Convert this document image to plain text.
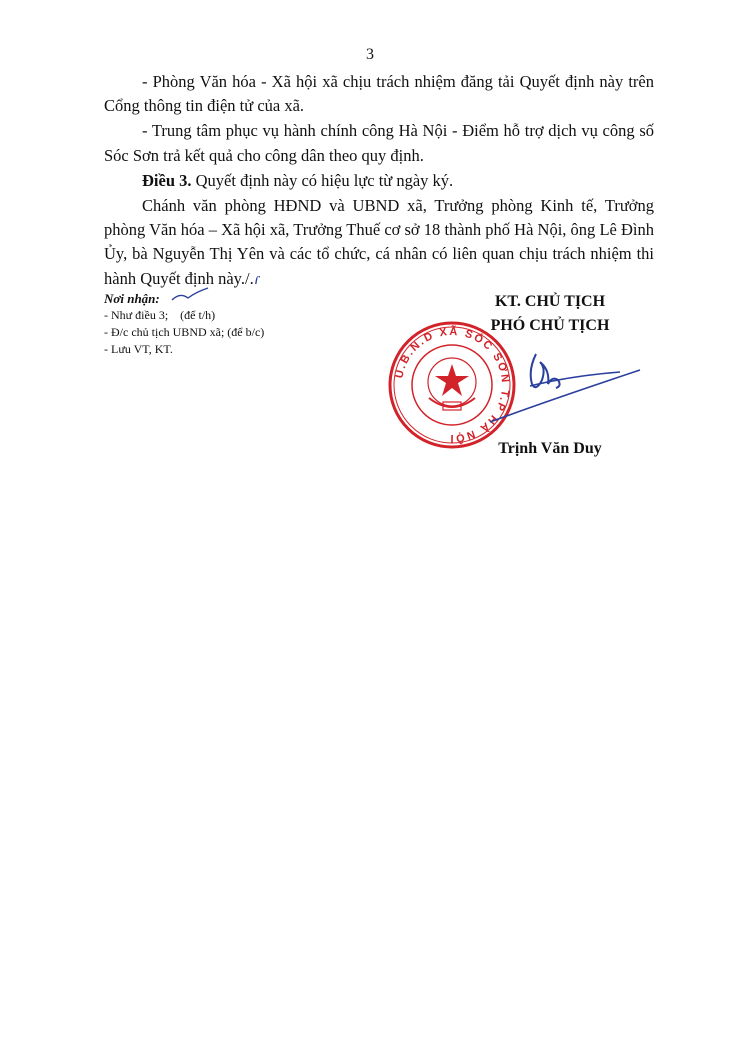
3

- Phòng Văn hóa - Xã hội xã chịu trách nhiệm đăng tải Quyết định này trên Cổng thông tin điện tử của xã.

- Trung tâm phục vụ hành chính công Hà Nội - Điểm hỗ trợ dịch vụ công số Sóc Sơn trả kết quả cho công dân theo quy định.

Điều 3. Quyết định này có hiệu lực từ ngày ký.

Chánh văn phòng HĐND và UBND xã, Trưởng phòng Kinh tế, Trưởng phòng Văn hóa – Xã hội xã, Trưởng Thuế cơ sở 18 thành phố Hà Nội, ông Lê Đình Ủy, bà Nguyễn Thị Yên và các tổ chức, cá nhân có liên quan chịu trách nhiệm thi hành Quyết định này./.ɾ

Nơi nhận:
- Như điều 3;    (để t/h)
- Đ/c chủ tịch UBND xã; (để b/c)
- Lưu VT, KT.
KT. CHỦ TỊCH
PHÓ CHỦ TỊCH
Trịnh Văn Duy
U.B.N.D XÃ SÓC SƠN T.P HÀ NỘI
